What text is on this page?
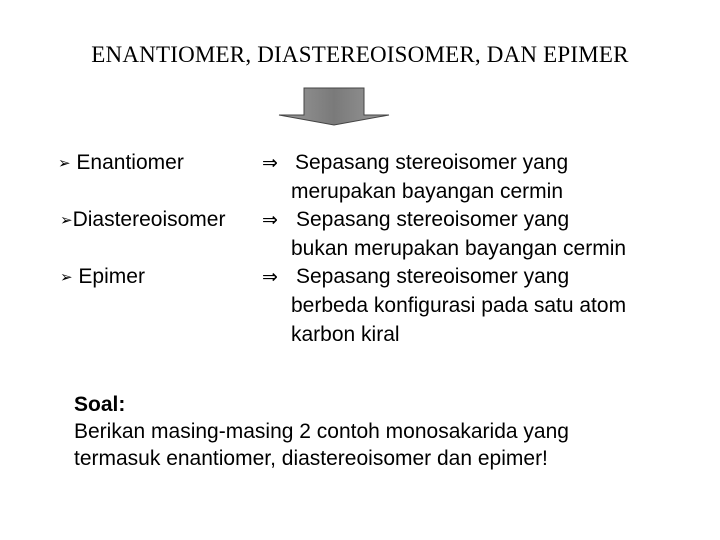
ENANTIOMER, DIASTEREOISOMER, DAN EPIMER
➢ Enantiomer	⇒ Sepasang stereoisomer yang
merupakan bayangan cermin
➢Diastereoisomer ⇒ Sepasang stereoisomer yang
bukan merupakan bayangan cermin
➢ Epimer	⇒ Sepasang stereoisomer yang
berbeda konfigurasi pada satu atom
karbon kiral
Soal:
Berikan masing-masing 2 contoh monosakarida yang
termasuk enantiomer, diastereoisomer dan epimer!
